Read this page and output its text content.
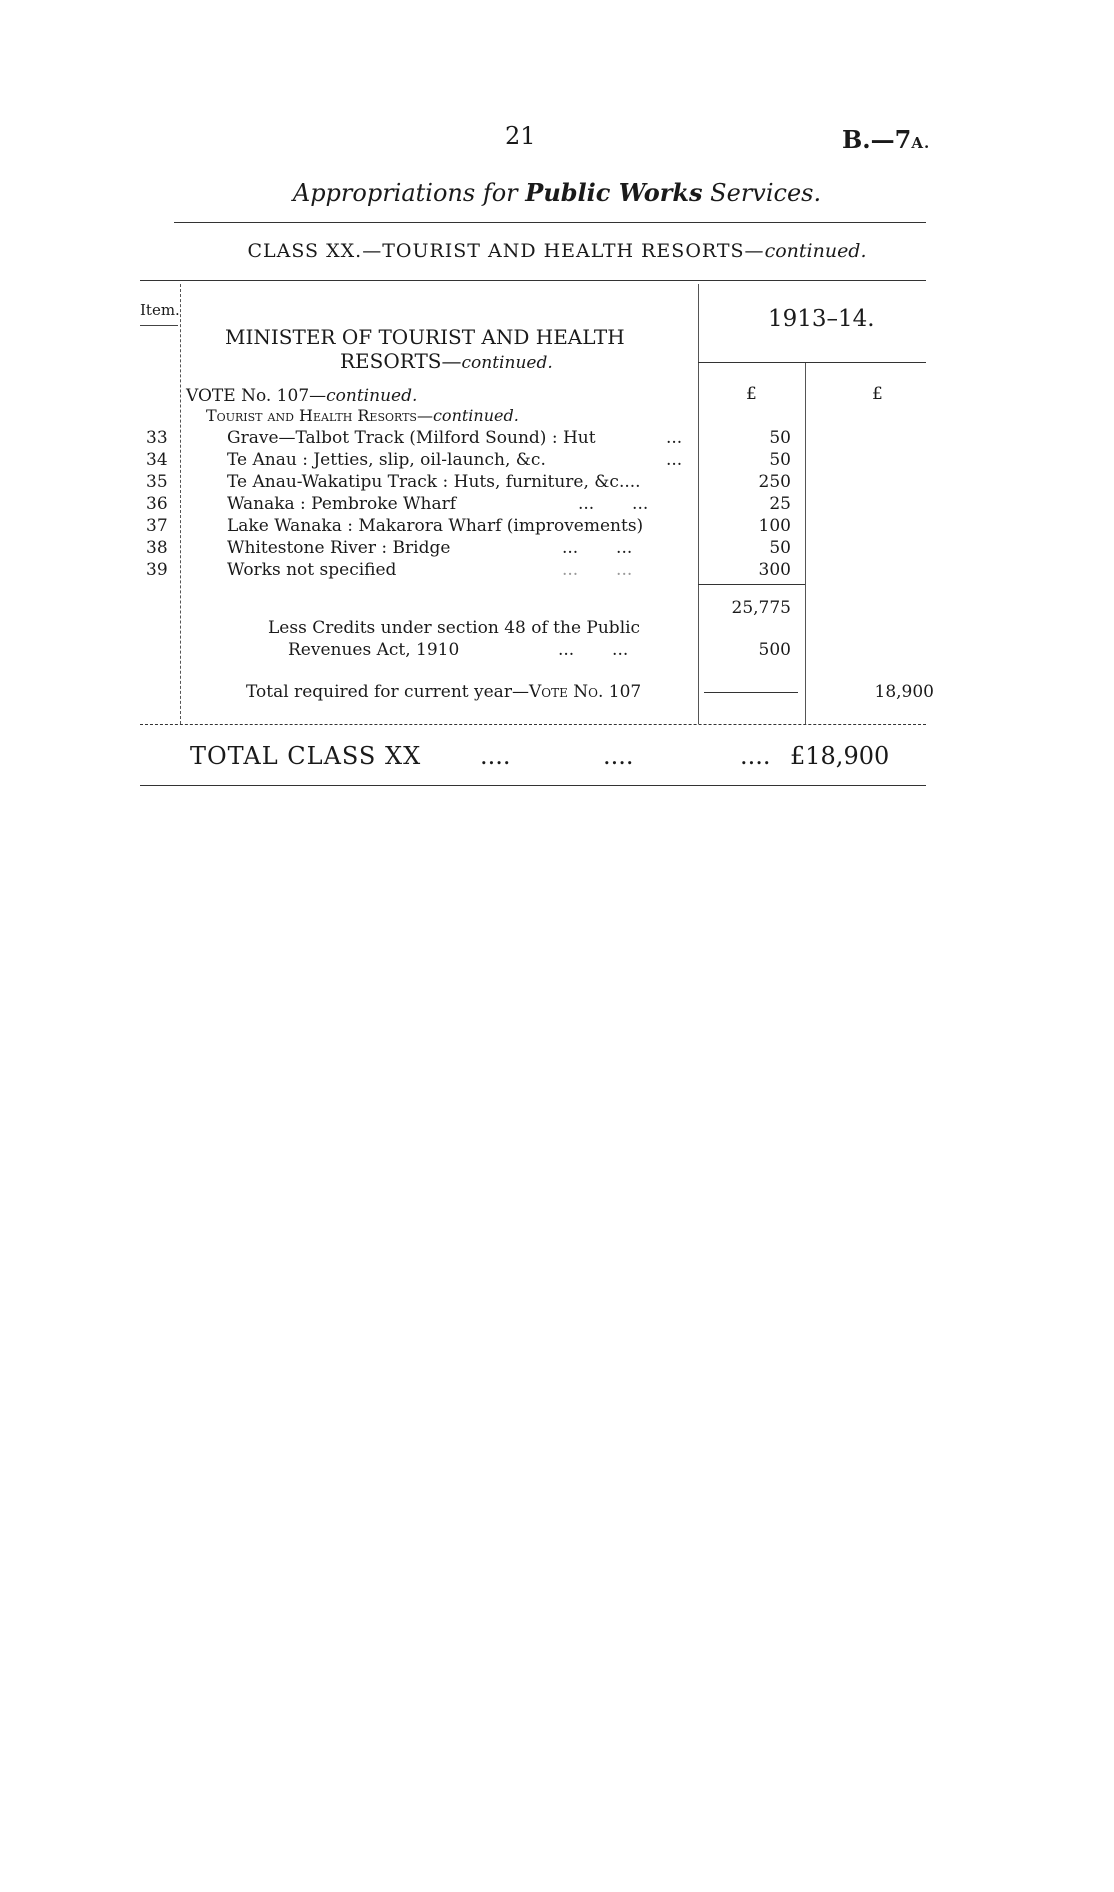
21	B.—7A.
Appropriations for Public Works Services.
CLASS XX.—TOURIST AND HEALTH RESORTS—continued.
Item.
MINISTER OF TOURIST AND HEALTH
RESORTS—continued.
1913–14.
£	£
VOTE No. 107—continued.
Tourist and Health Resorts—continued.
33	Grave—Talbot Track (Milford Sound) : Hut	...	50
34	Te Anau : Jetties, slip, oil-launch, &c.	...	50
35	Te Anau-Wakatipu Track : Huts, furniture, &c....	250
36	Wanaka : Pembroke Wharf	...       ...	25
37	Lake Wanaka : Makarora Wharf (improvements)	100
38	Whitestone River : Bridge	...       ...	50
39	Works not specified	...       ...	300
25,775
Less Credits under section 48 of the Public
Revenues Act, 1910	...       ...	500
Total required for current year—Vote No. 107	18,900
TOTAL CLASS XX ....	....	.... £18,900
